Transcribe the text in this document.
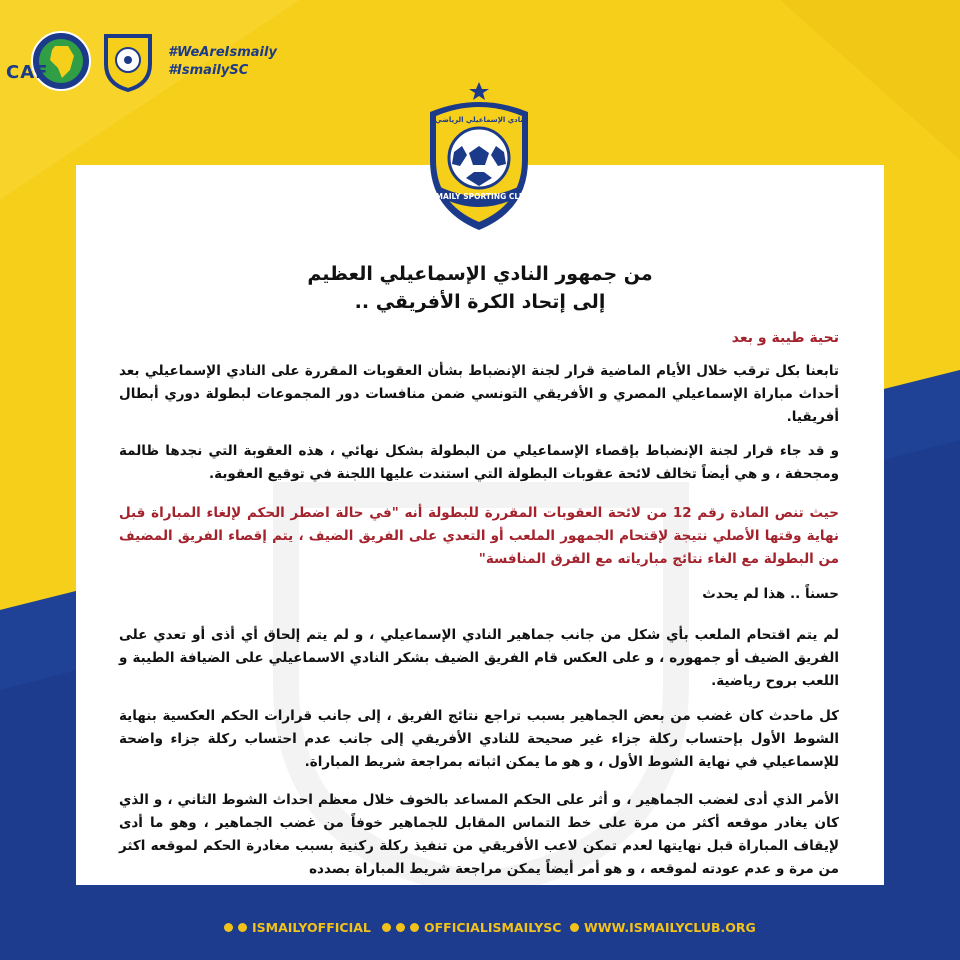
CAF
#WeAreIsmaily
#IsmailySC
ISMAILY SPORTING CLUB
نادي الإسماعيلي الرياضي
من جمهور النادي الإسماعيلي العظيم
إلى إتحاد الكرة الأفريقي ..
تحية طيبة و بعد
تابعنا بكل ترقب خلال الأيام الماضية قرار لجنة الإنضباط بشأن العقوبات المقررة على النادي الإسماعيلي بعد أحداث مباراة الإسماعيلي المصري و الأفريقي التونسي ضمن منافسات دور المجموعات لبطولة دوري أبطال أفريقيا.
و قد جاء قرار لجنة الإنضباط بإقصاء الإسماعيلي من البطولة بشكل نهائي ، هذه العقوبة التي نجدها ظالمة ومجحفة ، و هي أيضاً تخالف لائحة عقوبات البطولة التي استندت عليها اللجنة في توقيع العقوبة.
حيث تنص المادة رقم 12 من لائحة العقوبات المقررة للبطولة أنه "في حالة اضطر الحكم لإلغاء المباراة قبل نهاية وقتها الأصلي نتيجة لإقتحام الجمهور الملعب أو التعدي على الفريق الضيف ، يتم إقصاء الفريق المضيف من البطولة مع الغاء نتائج مبارياته مع الفرق المنافسة"
حسناً .. هذا لم يحدث
لم يتم اقتحام الملعب بأي شكل من جانب جماهير النادي الإسماعيلي ، و لم يتم إلحاق أي أذى أو تعدي على الفريق الضيف أو جمهوره ، و على العكس قام الفريق الضيف بشكر النادي الاسماعيلي على الضيافة الطيبة و اللعب بروح رياضية.
كل ماحدث كان غضب من بعض الجماهير بسبب تراجع نتائج الفريق ، إلى جانب قرارات الحكم العكسية بنهاية الشوط الأول بإحتساب ركلة جزاء غير صحيحة للنادي الأفريقي إلى جانب عدم احتساب ركلة جزاء واضحة للإسماعيلي في نهاية الشوط الأول ، و هو ما يمكن اثباته بمراجعة شريط المباراة.
الأمر الذي أدى لغضب الجماهير ، و أثر على الحكم المساعد بالخوف خلال معظم احداث الشوط الثاني ، و الذي كان يغادر موقعه أكثر من مرة على خط التماس المقابل للجماهير خوفاً من غضب الجماهير ، وهو ما أدى لإيقاف المباراة قبل نهايتها لعدم تمكن لاعب الأفريقي من تنفيذ ركلة ركنية بسبب مغادرة الحكم لموقعه اكثر من مرة و عدم عودته لموقعه ، و هو أمر أيضاً يمكن مراجعة شريط المباراة بصدده
ISMAILYOFFICIAL	OFFICIALISMAILYSC WWW.ISMAILYCLUB.ORG
